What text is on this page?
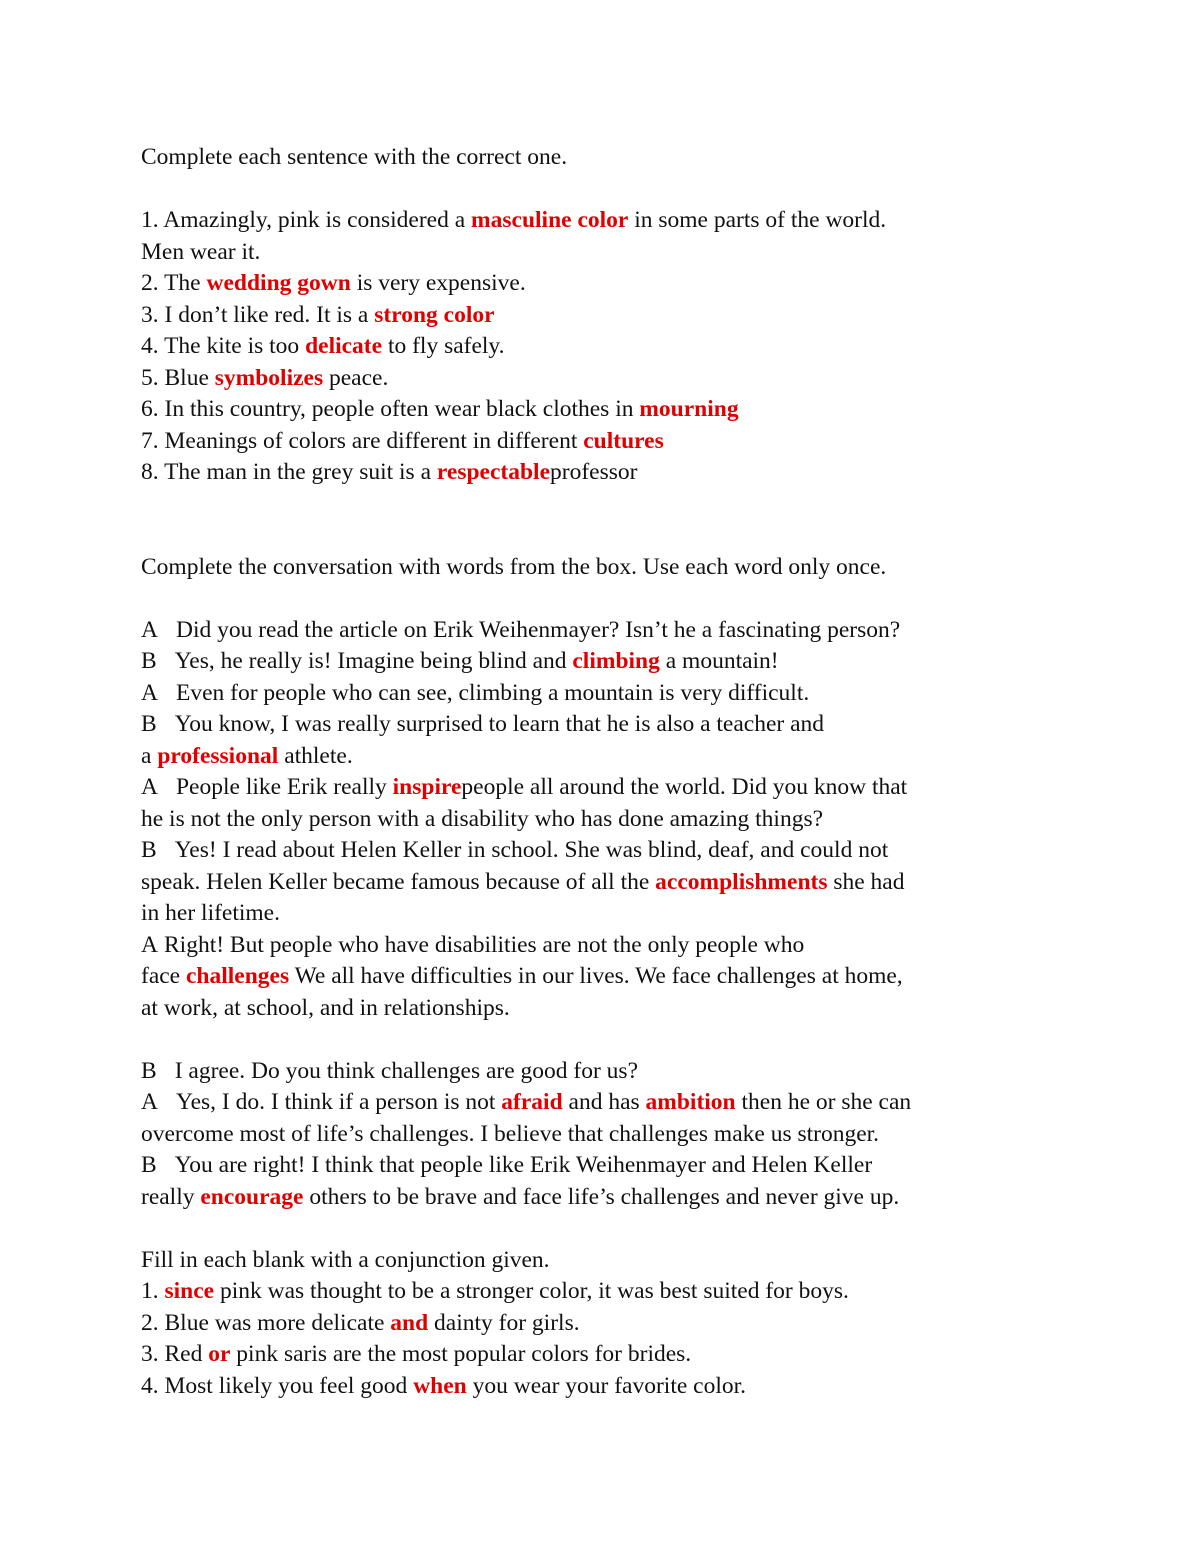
Complete each sentence with the correct one.
1. Amazingly, pink is considered a masculine color in some parts of the world.
Men wear it.
2. The wedding gown is very expensive.
3. I don’t like red. It is a strong color
4. The kite is too delicate to fly safely.
5. Blue symbolizes peace.
6. In this country, people often wear black clothes in mourning
7. Meanings of colors are different in different cultures
8. The man in the grey suit is a respectableprofessor
Complete the conversation with words from the box. Use each word only once.
A Did you read the article on Erik Weihenmayer? Isn’t he a fascinating person?
B Yes, he really is! Imagine being blind and climbing a mountain!
A Even for people who can see, climbing a mountain is very difficult.
B You know, I was really surprised to learn that he is also a teacher and
a professional athlete.
A People like Erik really inspirepeople all around the world. Did you know that
he is not the only person with a disability who has done amazing things?
B Yes! I read about Helen Keller in school. She was blind, deaf, and could not
speak. Helen Keller became famous because of all the accomplishments she had
in her lifetime.
A Right! But people who have disabilities are not the only people who
face challenges We all have difficulties in our lives. We face challenges at home,
at work, at school, and in relationships.
B I agree. Do you think challenges are good for us?
A Yes, I do. I think if a person is not afraid and has ambition then he or she can
overcome most of life’s challenges. I believe that challenges make us stronger.
B You are right! I think that people like Erik Weihenmayer and Helen Keller
really encourage others to be brave and face life’s challenges and never give up.
Fill in each blank with a conjunction given.
1. since pink was thought to be a stronger color, it was best suited for boys.
2. Blue was more delicate and dainty for girls.
3. Red or pink saris are the most popular colors for brides.
4. Most likely you feel good when you wear your favorite color.
